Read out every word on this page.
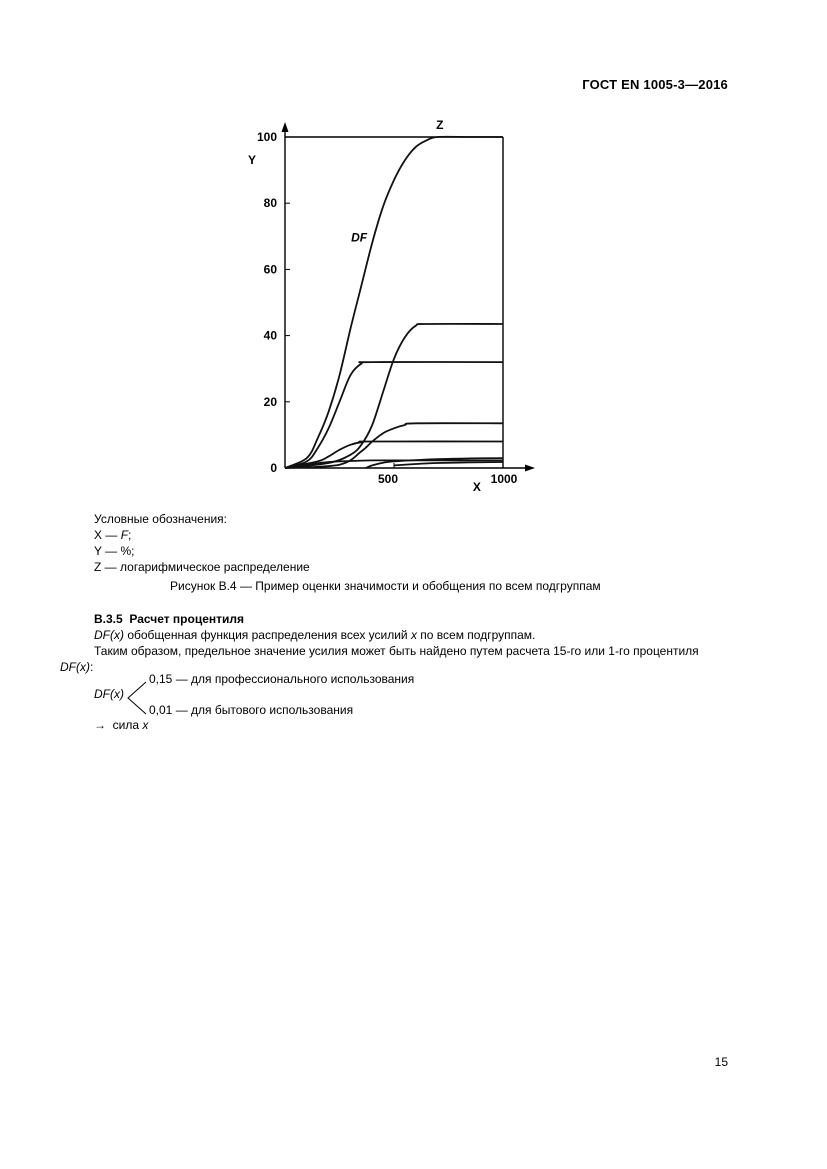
ГОСТ EN 1005-3—2016
0
20
40
60
80
100
500	1000
Y
X
Z
DF
Условные обозначения:
X — F;
Y — %;
Z — логарифмическое распределение
Рисунок В.4 — Пример оценки значимости и обобщения по всем подгруппам
В.3.5 Расчет процентиля
DF(x) обобщенная функция распределения всех усилий x по всем подгруппам.
Таким образом, предельное значение усилия может быть найдено путем расчета 15-го или 1-го процентиля
DF(x):
DF(x)
0,15 — для профессионального использования
0,01 — для бытового использования
→ сила x
15
